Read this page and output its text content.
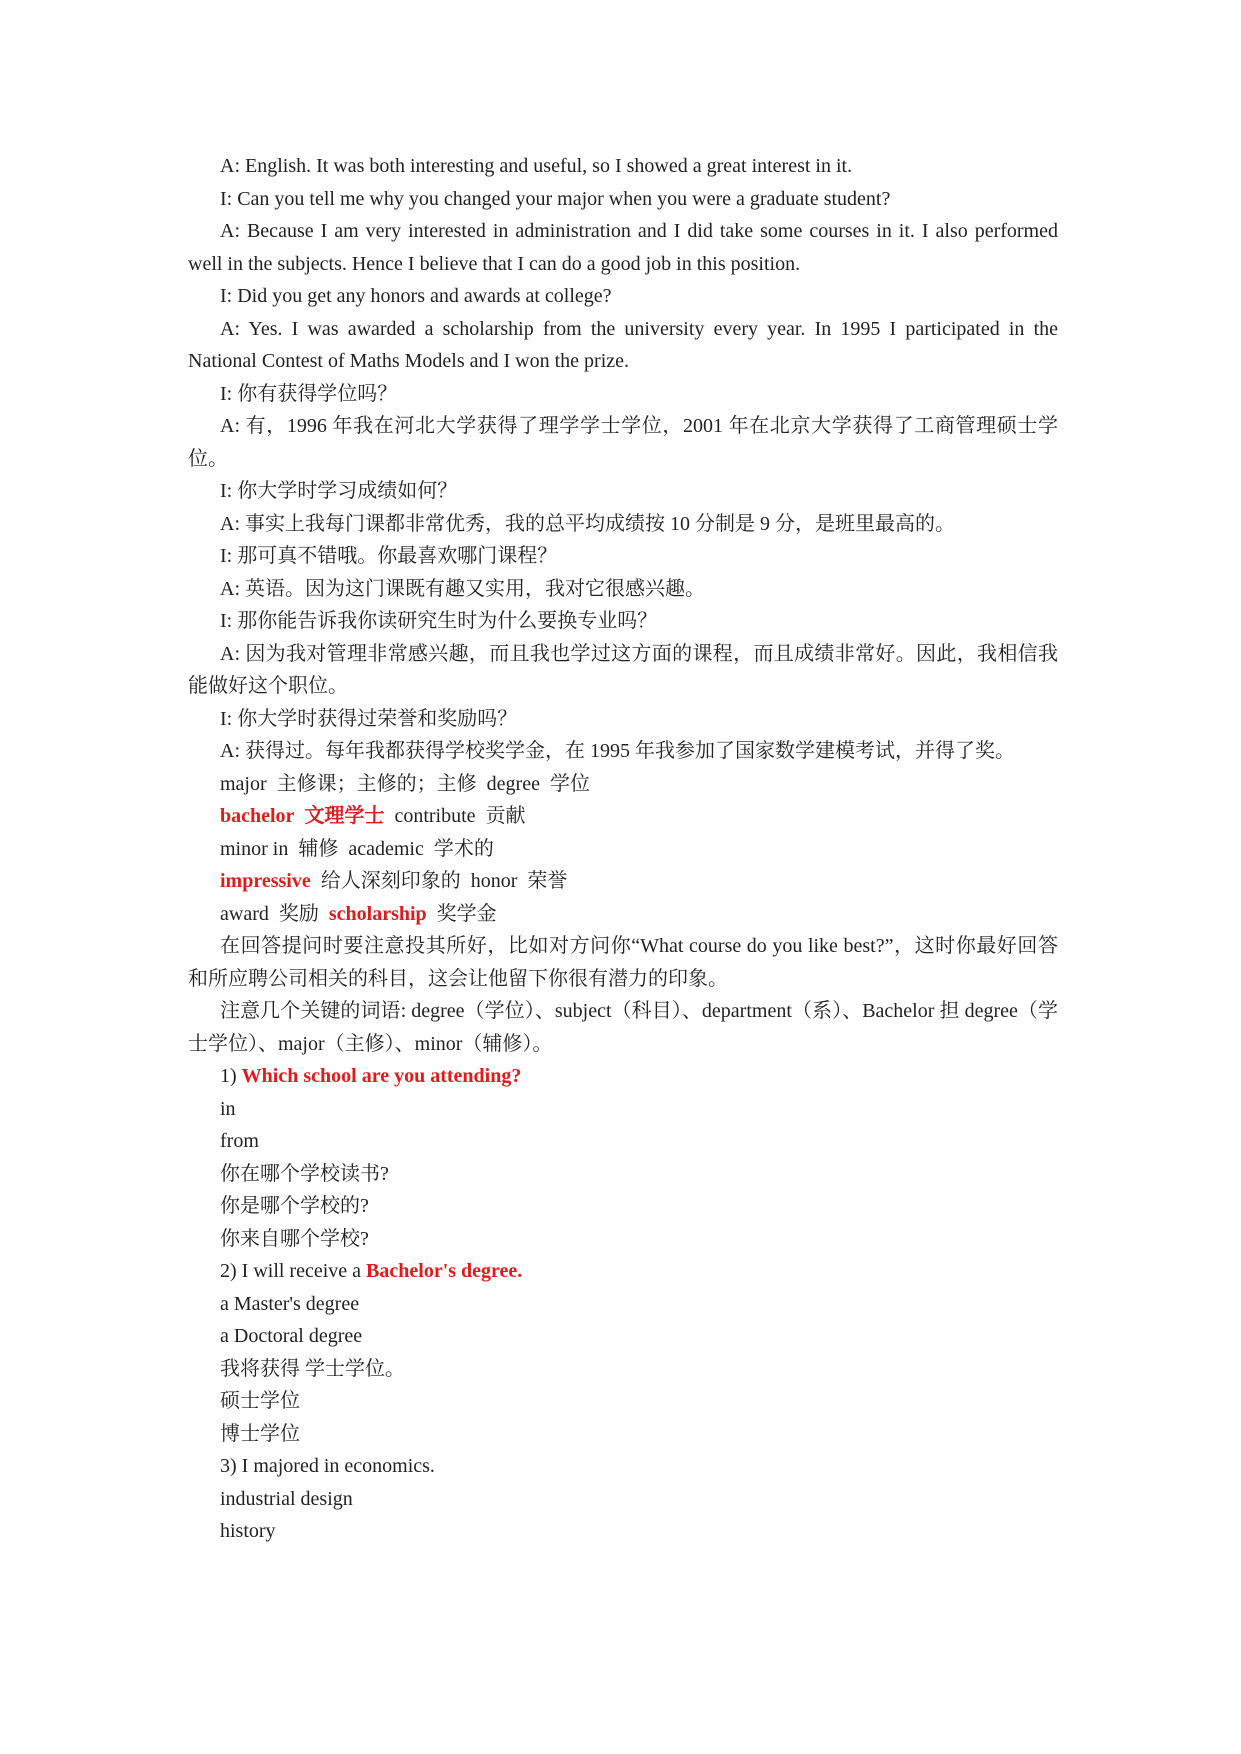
A: English. It was both interesting and useful, so I showed a great interest in it.

I: Can you tell me why you changed your major when you were a graduate student?

A: Because I am very interested in administration and I did take some courses in it. I also performed well in the subjects. Hence I believe that I can do a good job in this position.

I: Did you get any honors and awards at college?

A: Yes. I was awarded a scholarship from the university every year. In 1995 I participated in the National Contest of Maths Models and I won the prize.

I: 你有获得学位吗？

A: 有，1996 年我在河北大学获得了理学学士学位，2001 年在北京大学获得了工商管理硕士学位。

I: 你大学时学习成绩如何？

A: 事实上我每门课都非常优秀，我的总平均成绩按 10 分制是 9 分，是班里最高的。

I: 那可真不错哦。你最喜欢哪门课程？

A: 英语。因为这门课既有趣又实用，我对它很感兴趣。

I: 那你能告诉我你读研究生时为什么要换专业吗？

A: 因为我对管理非常感兴趣，而且我也学过这方面的课程，而且成绩非常好。因此，我相信我能做好这个职位。

I: 你大学时获得过荣誉和奖励吗？

A: 获得过。每年我都获得学校奖学金，在 1995 年我参加了国家数学建模考试，并得了奖。

major 主修课；主修的；主修 degree 学位
bachelor 文理学士 contribute 贡献
minor in 辅修 academic 学术的
impressive 给人深刻印象的 honor 荣誉
award 奖励 scholarship 奖学金

在回答提问时要注意投其所好，比如对方问你“What course do you like best?”，这时你最好回答和所应聘公司相关的科目，这会让他留下你很有潜力的印象。

注意几个关键的词语: degree（学位）、subject（科目）、department（系）、Bachelor 担 degree（学士学位）、major（主修）、minor（辅修）。

1) Which school are you attending?
in
from
你在哪个学校读书?
你是哪个学校的?
你来自哪个学校?
2) I will receive a Bachelor's degree.
a Master's degree
a Doctoral degree
我将获得 学士学位。
硕士学位
博士学位
3) I majored in economics.
industrial design
history
